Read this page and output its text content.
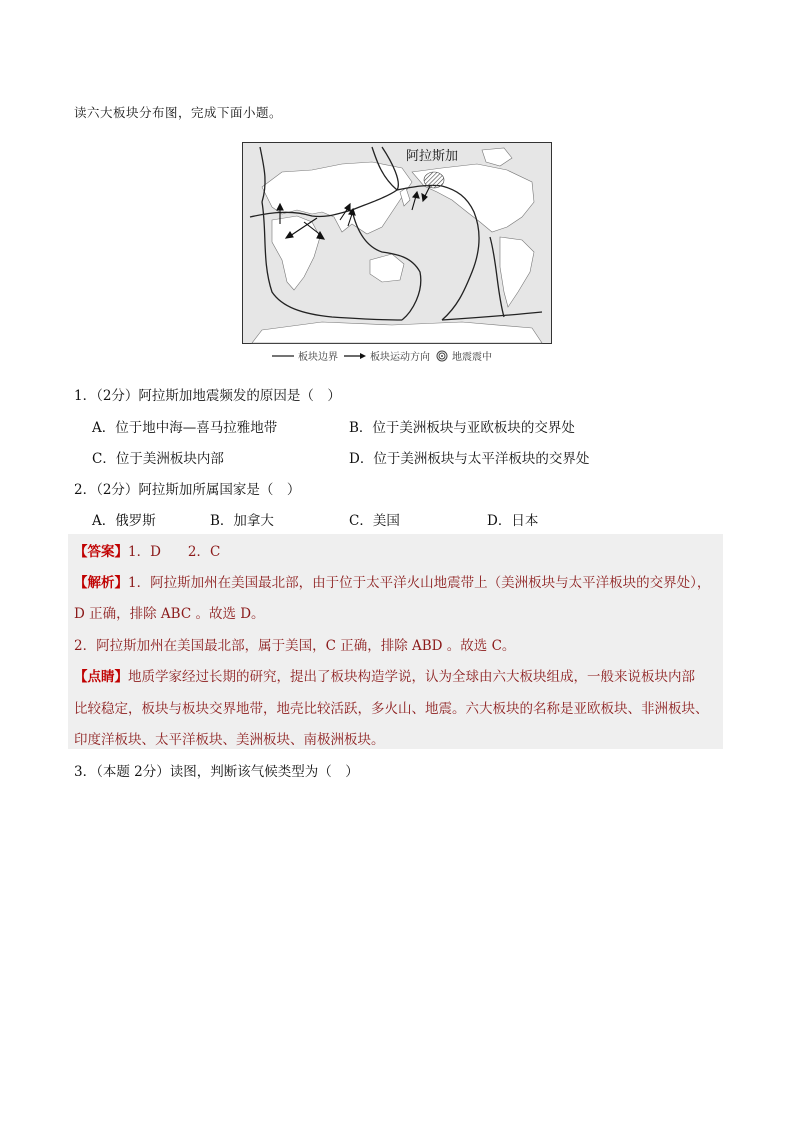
读六大板块分布图，完成下面小题。
阿拉斯加
板块边界	板块运动方向 地震震中
1．（2分）阿拉斯加地震频发的原因是（　）
A．位于地中海—喜马拉雅地带	B．位于美洲板块与亚欧板块的交界处
C．位于美洲板块内部	D．位于美洲板块与太平洋板块的交界处
2．（2分）阿拉斯加所属国家是（　）
A．俄罗斯	B．加拿大	C．美国	D．日本
【答案】1．D　　2．C
【解析】1．阿拉斯加州在美国最北部，由于位于太平洋火山地震带上（美洲板块与太平洋板块的交界处），
D 正确，排除 ABC 。故选 D。
2．阿拉斯加州在美国最北部，属于美国，C 正确，排除 ABD 。故选 C。
【点睛】地质学家经过长期的研究，提出了板块构造学说，认为全球由六大板块组成，一般来说板块内部
比较稳定，板块与板块交界地带，地壳比较活跃，多火山、地震。六大板块的名称是亚欧板块、非洲板块、
印度洋板块、太平洋板块、美洲板块、南极洲板块。
3．（本题 2分）读图，判断该气候类型为（　）
